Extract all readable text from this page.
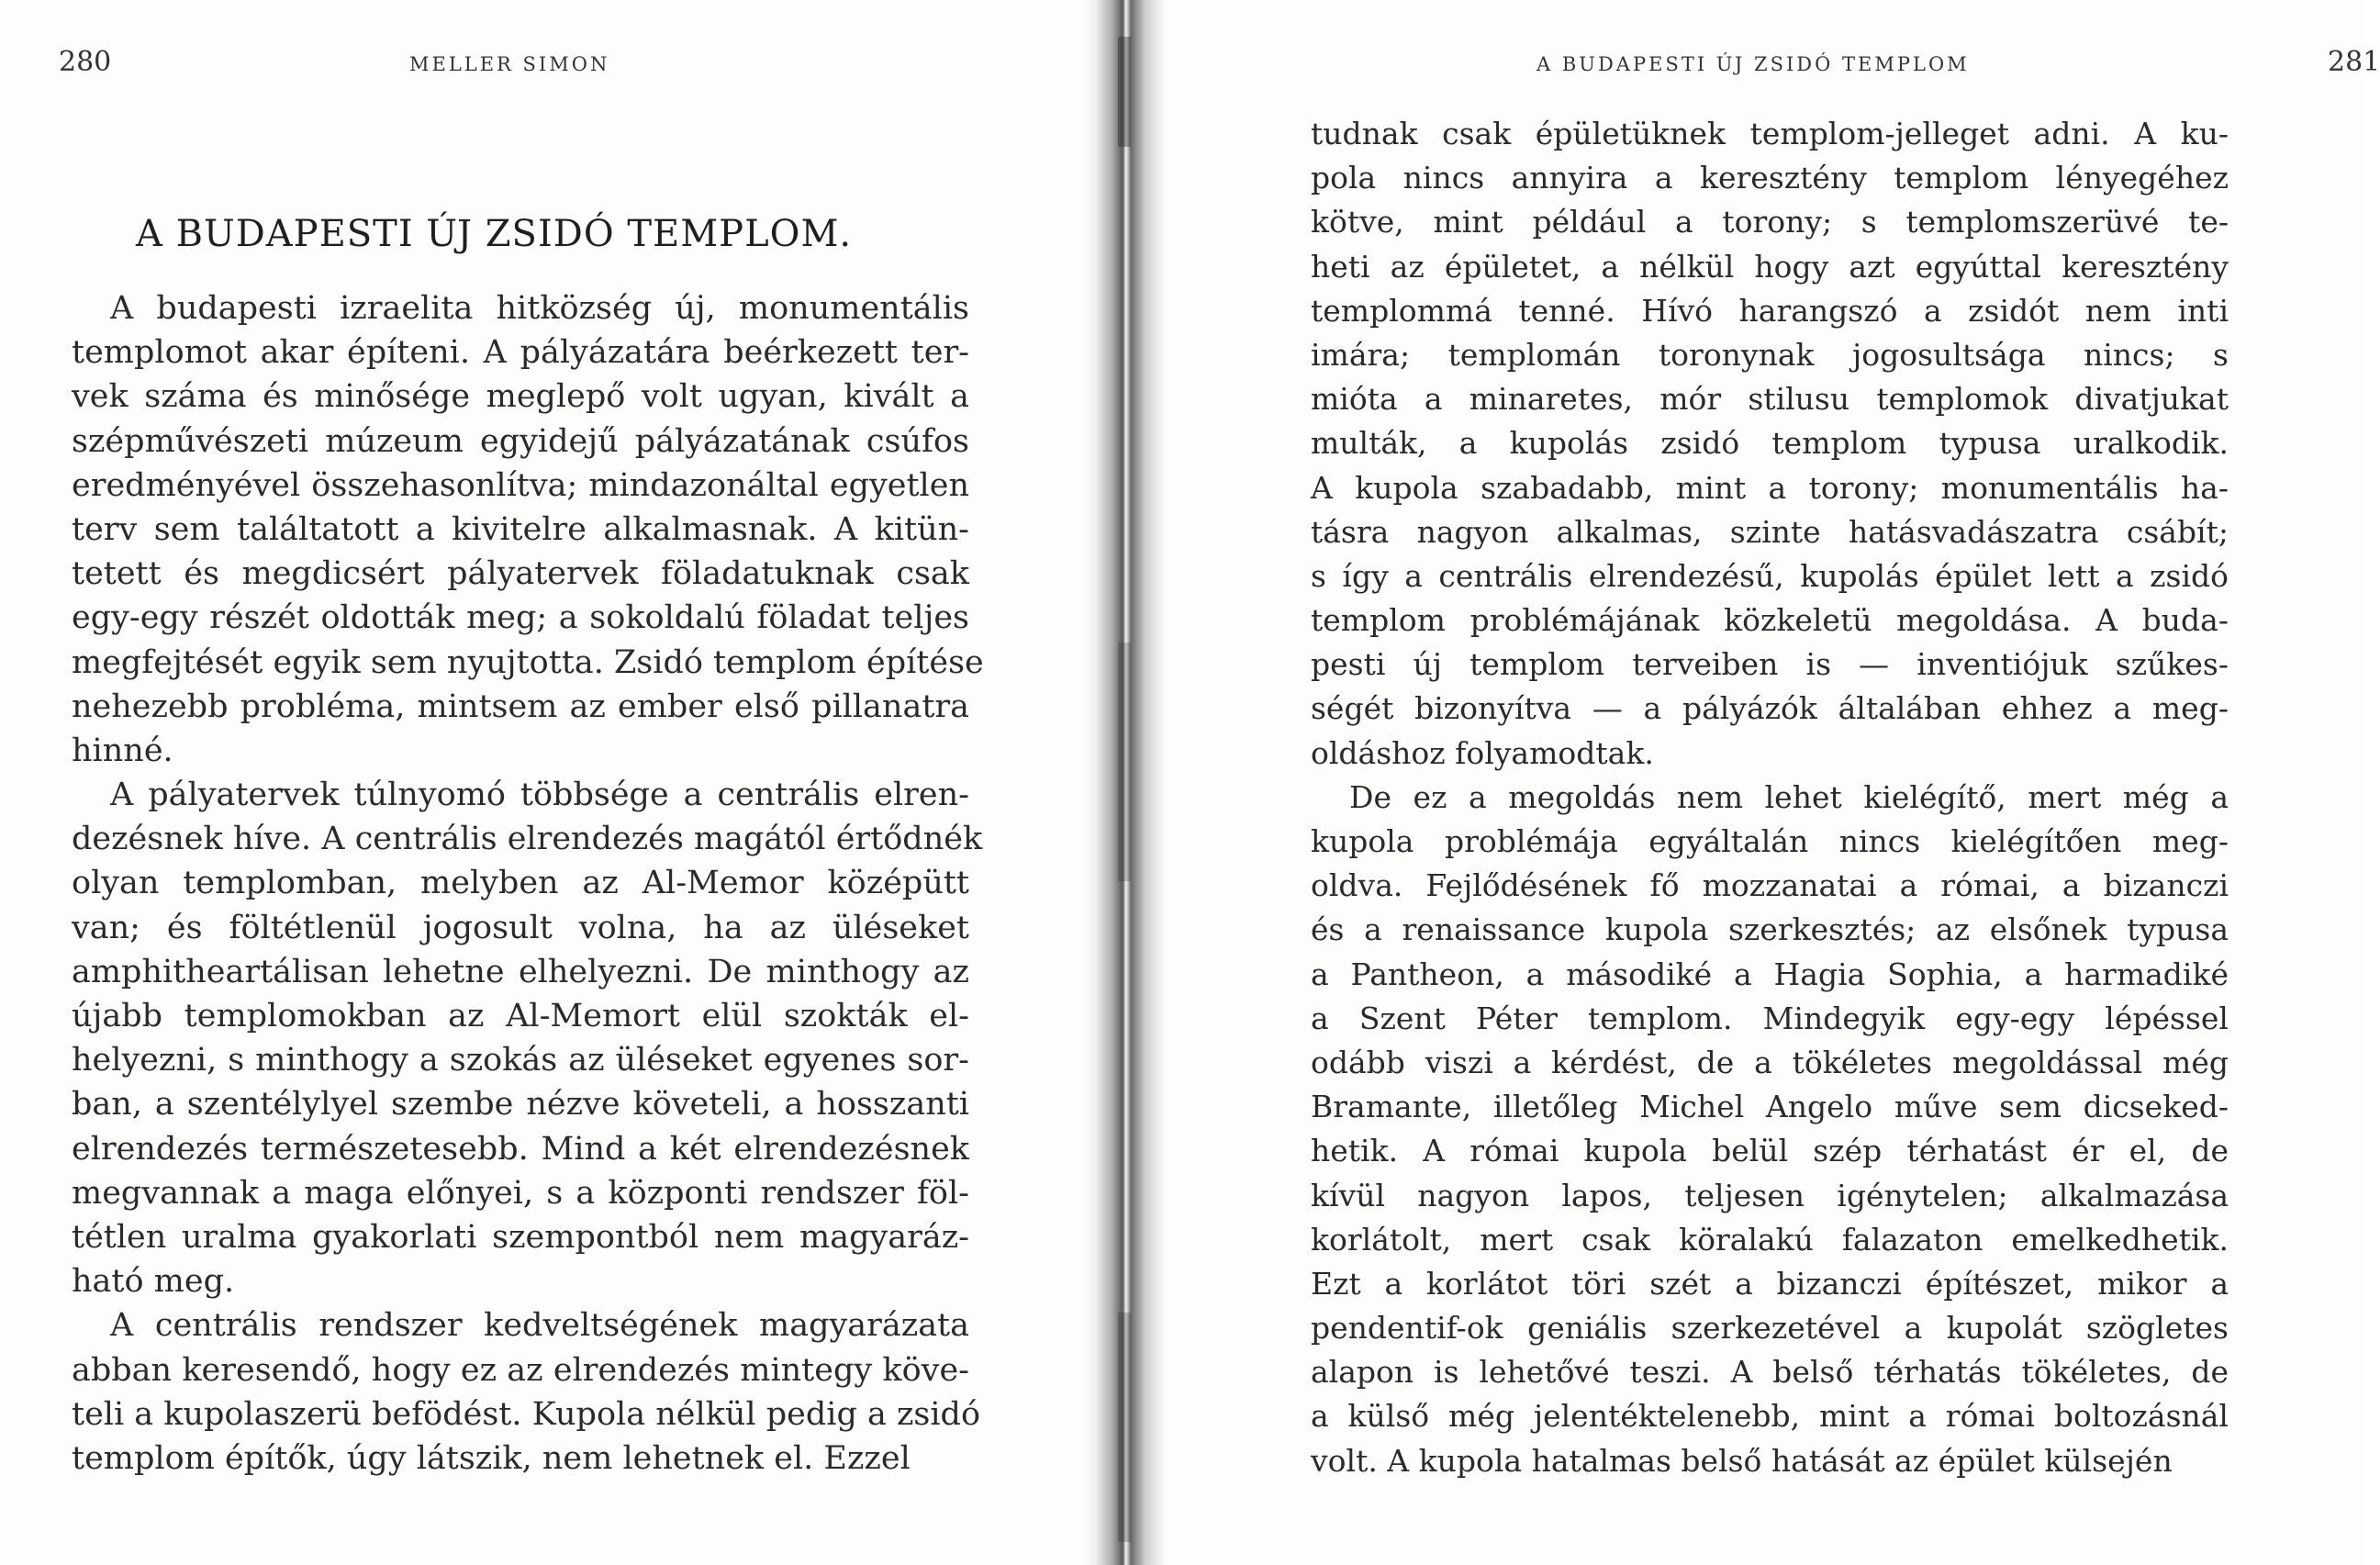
280	MELLER SIMON
A BUDAPESTI ÚJ ZSIDÓ TEMPLOM.
A budapesti izraelita hitközség új, monumentális
templomot akar építeni. A pályázatára beérkezett ter-
vek száma és minősége meglepő volt ugyan, kivált a
szépművészeti múzeum egyidejű pályázatának csúfos
eredményével összehasonlítva; mindazonáltal egyetlen
terv sem találtatott a kivitelre alkalmasnak. A kitün-
tetett és megdicsért pályatervek föladatuknak csak
egy-egy részét oldották meg; a sokoldalú föladat teljes
megfejtését egyik sem nyujtotta. Zsidó templom építése
nehezebb probléma, mintsem az ember első pillanatra
hinné.
A pályatervek túlnyomó többsége a centrális elren-
dezésnek híve. A centrális elrendezés magától értődnék
olyan templomban, melyben az Al-Memor középütt
van; és föltétlenül jogosult volna, ha az üléseket
amphitheartálisan lehetne elhelyezni. De minthogy az
újabb templomokban az Al-Memort elül szokták el-
helyezni, s minthogy a szokás az üléseket egyenes sor-
ban, a szentélylyel szembe nézve követeli, a hosszanti
elrendezés természetesebb. Mind a két elrendezésnek
megvannak a maga előnyei, s a központi rendszer föl-
tétlen uralma gyakorlati szempontból nem magyaráz-
ható meg.
A centrális rendszer kedveltségének magyarázata
abban keresendő, hogy ez az elrendezés mintegy köve-
teli a kupolaszerü befödést. Kupola nélkül pedig a zsidó
templom építők, úgy látszik, nem lehetnek el. Ezzel
A BUDAPESTI ÚJ ZSIDÓ TEMPLOM	281
tudnak csak épületüknek templom-jelleget adni. A ku-
pola nincs annyira a keresztény templom lényegéhez
kötve, mint például a torony; s templomszerüvé te-
heti az épületet, a nélkül hogy azt egyúttal keresztény
templommá tenné. Hívó harangszó a zsidót nem inti
imára; templomán toronynak jogosultsága nincs; s
mióta a minaretes, mór stilusu templomok divatjukat
multák, a kupolás zsidó templom typusa uralkodik.
A kupola szabadabb, mint a torony; monumentális ha-
tásra nagyon alkalmas, szinte hatásvadászatra csábít;
s így a centrális elrendezésű, kupolás épület lett a zsidó
templom problémájának közkeletü megoldása. A buda-
pesti új templom terveiben is — inventiójuk szűkes-
ségét bizonyítva — a pályázók általában ehhez a meg-
oldáshoz folyamodtak.
De ez a megoldás nem lehet kielégítő, mert még a
kupola problémája egyáltalán nincs kielégítően meg-
oldva. Fejlődésének fő mozzanatai a római, a bizanczi
és a renaissance kupola szerkesztés; az elsőnek typusa
a Pantheon, a másodiké a Hagia Sophia, a harmadiké
a Szent Péter templom. Mindegyik egy-egy lépéssel
odább viszi a kérdést, de a tökéletes megoldással még
Bramante, illetőleg Michel Angelo műve sem dicseked-
hetik. A római kupola belül szép térhatást ér el, de
kívül nagyon lapos, teljesen igénytelen; alkalmazása
korlátolt, mert csak köralakú falazaton emelkedhetik.
Ezt a korlátot töri szét a bizanczi építészet, mikor a
pendentif-ok geniális szerkezetével a kupolát szögletes
alapon is lehetővé teszi. A belső térhatás tökéletes, de
a külső még jelentéktelenebb, mint a római boltozásnál
volt. A kupola hatalmas belső hatását az épület külsején
